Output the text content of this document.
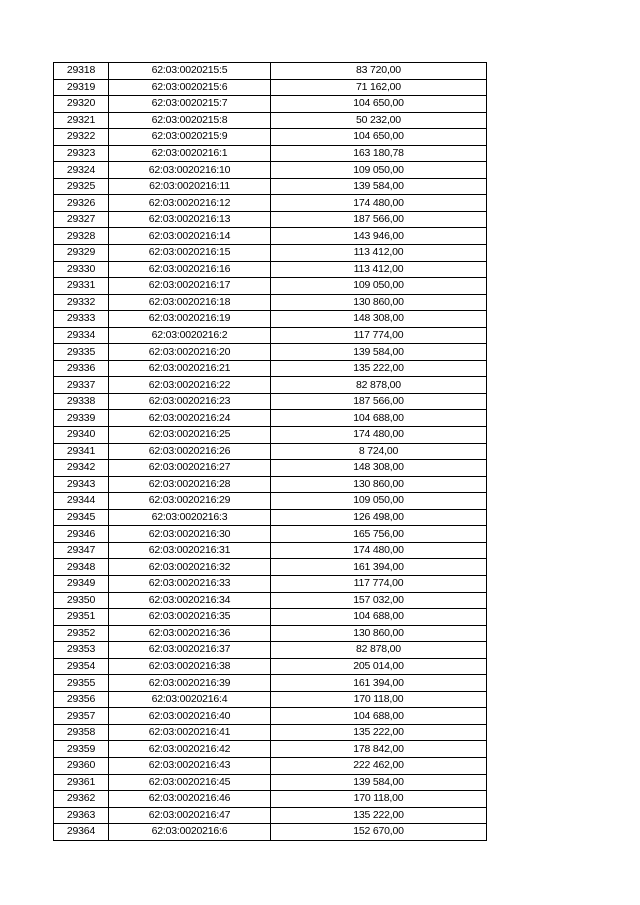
29318	62:03:0020215:5	83 720,00
29319	62:03:0020215:6	71 162,00
29320	62:03:0020215:7	104 650,00
29321	62:03:0020215:8	50 232,00
29322	62:03:0020215:9	104 650,00
29323	62:03:0020216:1	163 180,78
29324	62:03:0020216:10	109 050,00
29325	62:03:0020216:11	139 584,00
29326	62:03:0020216:12	174 480,00
29327	62:03:0020216:13	187 566,00
29328	62:03:0020216:14	143 946,00
29329	62:03:0020216:15	113 412,00
29330	62:03:0020216:16	113 412,00
29331	62:03:0020216:17	109 050,00
29332	62:03:0020216:18	130 860,00
29333	62:03:0020216:19	148 308,00
29334	62:03:0020216:2	117 774,00
29335	62:03:0020216:20	139 584,00
29336	62:03:0020216:21	135 222,00
29337	62:03:0020216:22	82 878,00
29338	62:03:0020216:23	187 566,00
29339	62:03:0020216:24	104 688,00
29340	62:03:0020216:25	174 480,00
29341	62:03:0020216:26	8 724,00
29342	62:03:0020216:27	148 308,00
29343	62:03:0020216:28	130 860,00
29344	62:03:0020216:29	109 050,00
29345	62:03:0020216:3	126 498,00
29346	62:03:0020216:30	165 756,00
29347	62:03:0020216:31	174 480,00
29348	62:03:0020216:32	161 394,00
29349	62:03:0020216:33	117 774,00
29350	62:03:0020216:34	157 032,00
29351	62:03:0020216:35	104 688,00
29352	62:03:0020216:36	130 860,00
29353	62:03:0020216:37	82 878,00
29354	62:03:0020216:38	205 014,00
29355	62:03:0020216:39	161 394,00
29356	62:03:0020216:4	170 118,00
29357	62:03:0020216:40	104 688,00
29358	62:03:0020216:41	135 222,00
29359	62:03:0020216:42	178 842,00
29360	62:03:0020216:43	222 462,00
29361	62:03:0020216:45	139 584,00
29362	62:03:0020216:46	170 118,00
29363	62:03:0020216:47	135 222,00
29364	62:03:0020216:6	152 670,00
